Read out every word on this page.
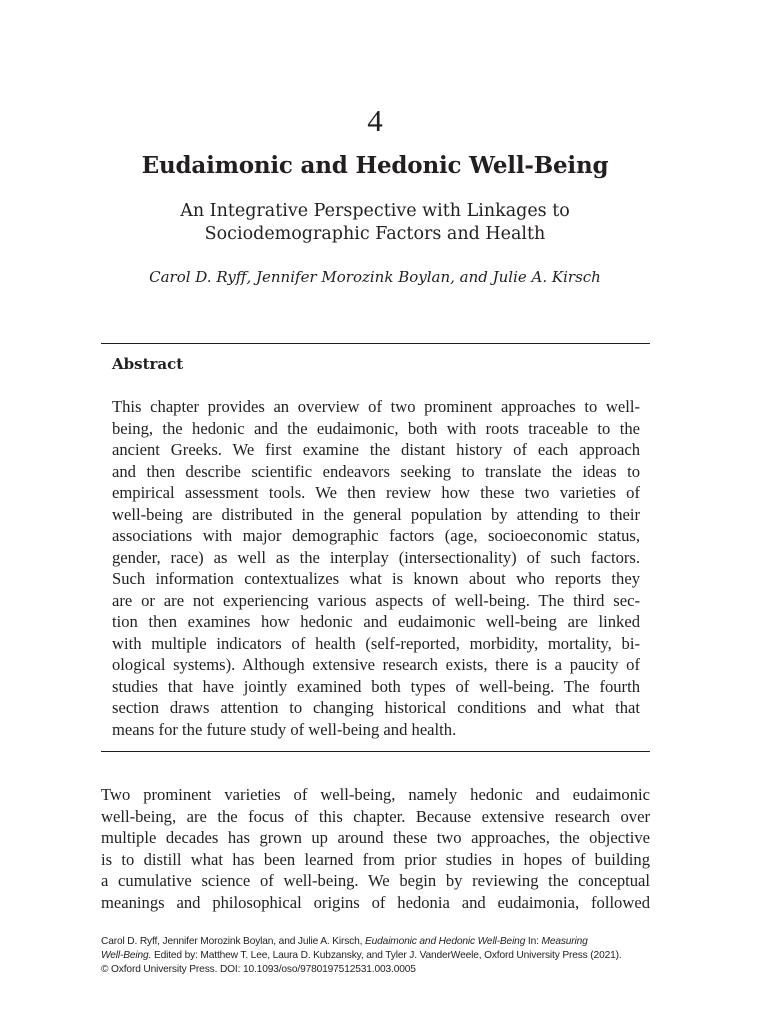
4
Eudaimonic and Hedonic Well-Being
An Integrative Perspective with Linkages to
Sociodemographic Factors and Health
Carol D. Ryff, Jennifer Morozink Boylan, and Julie A. Kirsch
Abstract
This chapter provides an overview of two prominent approaches to well-
being, the hedonic and the eudaimonic, both with roots traceable to the
ancient Greeks. We first examine the distant history of each approach
and then describe scientific endeavors seeking to translate the ideas to
empirical assessment tools. We then review how these two varieties of
well-being are distributed in the general population by attending to their
associations with major demographic factors (age, socioeconomic status,
gender, race) as well as the interplay (intersectionality) of such factors.
Such information contextualizes what is known about who reports they
are or are not experiencing various aspects of well-being. The third sec-
tion then examines how hedonic and eudaimonic well-being are linked
with multiple indicators of health (self-reported, morbidity, mortality, bi-
ological systems). Although extensive research exists, there is a paucity of
studies that have jointly examined both types of well-being. The fourth
section draws attention to changing historical conditions and what that
means for the future study of well-being and health.
Two prominent varieties of well-being, namely hedonic and eudaimonic
well-being, are the focus of this chapter. Because extensive research over
multiple decades has grown up around these two approaches, the objective
is to distill what has been learned from prior studies in hopes of building
a cumulative science of well-being. We begin by reviewing the conceptual
meanings and philosophical origins of hedonia and eudaimonia, followed
Carol D. Ryff, Jennifer Morozink Boylan, and Julie A. Kirsch, Eudaimonic and Hedonic Well-Being In: Measuring
Well-Being. Edited by: Matthew T. Lee, Laura D. Kubzansky, and Tyler J. VanderWeele, Oxford University Press (2021).
© Oxford University Press. DOI: 10.1093/oso/9780197512531.003.0005
